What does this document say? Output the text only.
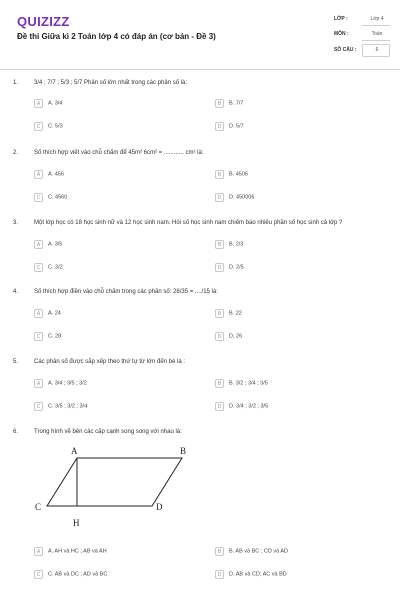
QUIZIZZ
Đề thi Giữa kì 2 Toán lớp 4 có đáp án (cơ bản - Đề 3)
LỚP :	Lớp 4
MÔN :	Toán
SỐ CÂU :	6
1.	3/4 ; 7/7 ; 5/3 ; 5/7 Phân số lớn nhất trong các phân số là:
A A. 3/4	B B. 7/7
C C. 5/3	D D. 5/7
2.	Số thích hợp viết vào chỗ chấm để 45m² 6cm² = ............ cm² là:
A A. 456	B B. 4506
C C. 4560	D D. 450006
3.	Một lớp học có 18 học sinh nữ và 12 học sinh nam. Hỏi số học sinh nam chiếm bao nhiêu phần số học sinh cả lớp ?
A A. 3/5	B B. 2/3
C C. 3/2	D D. 2/5
4.	Số thích hợp điền vào chỗ chấm trong các phân số: 28/35 = ..../15 là:
A A. 24	B B. 22
C C. 28	D D. 26
5.	Các phân số được sắp xếp theo thứ tự từ lớn đến bé là :
A A. 3/4 ; 3/5 ; 3/2	B B. 3/2 ; 3/4 ; 3/5
C C. 3/5 ; 3/2 ; 3/4	D D. 3/4 ; 3/2 ; 3/5
6.	Trong hình vẽ bên các cặp cạnh song song với nhau là:
A A. AH và HC ; AB và AH	B B. AB và BC ; CD và AD
C C. AB và DC ; AD và BC	D D. AB và CD; AC và BD
A	B
C	D
H
